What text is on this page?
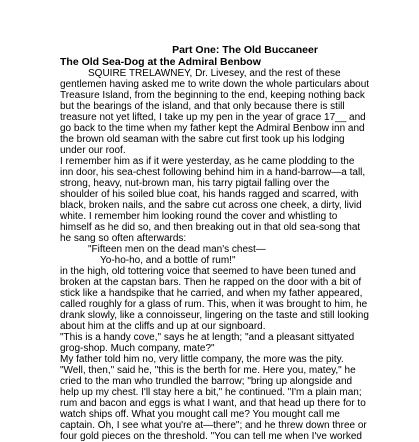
Part One: The Old Buccaneer
The Old Sea-Dog at the Admiral Benbow
SQUIRE TRELAWNEY, Dr. Livesey, and the rest of these
gentlemen having asked me to write down the whole particulars about
Treasure Island, from the beginning to the end, keeping nothing back
but the bearings of the island, and that only because there is still
treasure not yet lifted, I take up my pen in the year of grace 17__ and
go back to the time when my father kept the Admiral Benbow inn and
the brown old seaman with the sabre cut first took up his lodging
under our roof.
I remember him as if it were yesterday, as he came plodding to the
inn door, his sea-chest following behind him in a hand-barrow—a tall,
strong, heavy, nut-brown man, his tarry pigtail falling over the
shoulder of his soiled blue coat, his hands ragged and scarred, with
black, broken nails, and the sabre cut across one cheek, a dirty, livid
white. I remember him looking round the cover and whistling to
himself as he did so, and then breaking out in that old sea-song that
he sang so often afterwards:
"Fifteen men on the dead man's chest—
Yo-ho-ho, and a bottle of rum!"
in the high, old tottering voice that seemed to have been tuned and
broken at the capstan bars. Then he rapped on the door with a bit of
stick like a handspike that he carried, and when my father appeared,
called roughly for a glass of rum. This, when it was brought to him, he
drank slowly, like a connoisseur, lingering on the taste and still looking
about him at the cliffs and up at our signboard.
"This is a handy cove," says he at length; "and a pleasant sittyated
grog-shop. Much company, mate?"
My father told him no, very little company, the more was the pity.
"Well, then," said he, "this is the berth for me. Here you, matey," he
cried to the man who trundled the barrow; "bring up alongside and
help up my chest. I'll stay here a bit," he continued. "I'm a plain man;
rum and bacon and eggs is what I want, and that head up there for to
watch ships off. What you mought call me? You mought call me
captain. Oh, I see what you're at—there"; and he threw down three or
four gold pieces on the threshold. "You can tell me when I've worked
